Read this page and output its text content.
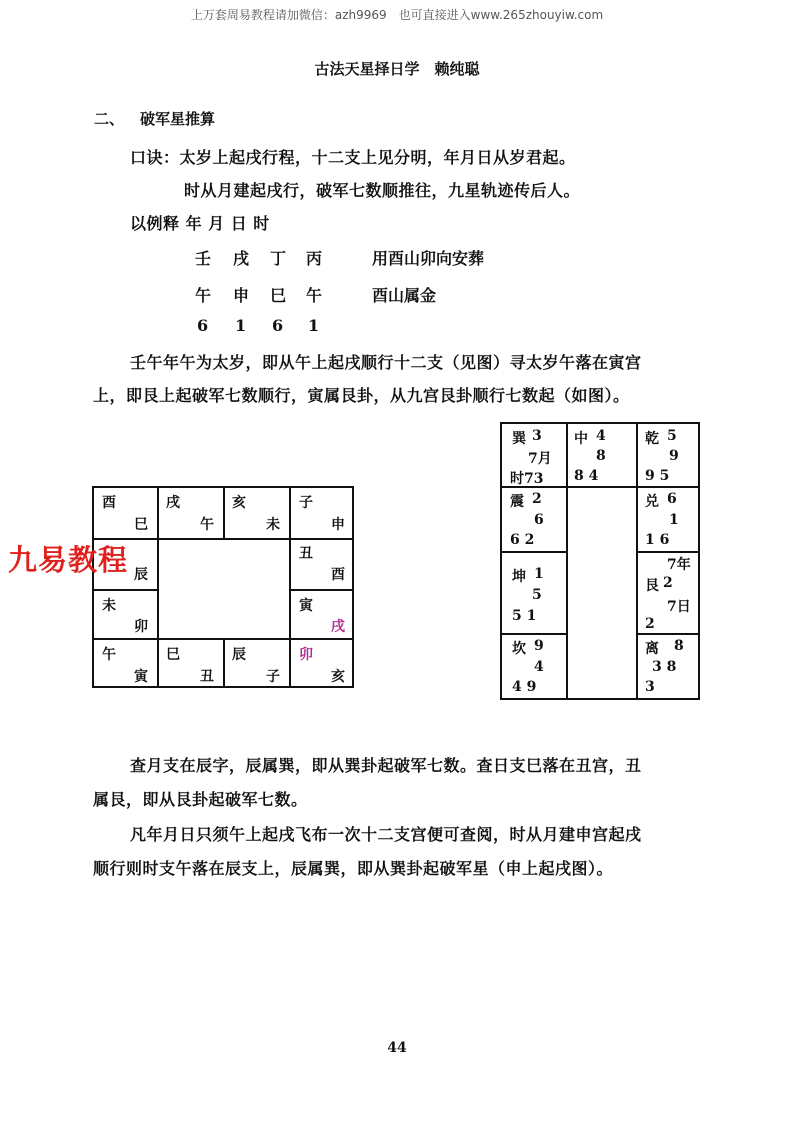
上万套周易教程请加微信：azh9969　也可直接进入www.265zhouyiw.com
古法天星择日学　赖纯聪
二、 破军星推算
口诀：太岁上起戌行程，十二支上见分明，年月日从岁君起。
时从月建起戌行，破军七数顺推往，九星轨迹传后人。
以例释 年 月 日 时
壬 戌 丁 丙	用酉山卯向安葬
午 申 巳 午	酉山属金
6 1 6 1
壬午年午为太岁，即从午上起戌顺行十二支（见图）寻太岁午落在寅宫
上，即艮上起破军七数顺行，寅属艮卦，从九宫艮卦顺行七数起（如图）。
酉
巳
戌
午
亥
未
子
申
辰
未
卯
丑
酉
寅
戌
午
寅
巳
丑
辰
子
卯
亥
九易教程
巽 3
7月
时73
中 4
8
8 4
乾 5
9
9 5
震 2
6
6 2
兑 6
1
1 6
坤 1
5
5 1
7年
艮 2
7日
2
坎 9
4
4 9
离 8
3 8
3
查月支在辰字，辰属巽，即从巽卦起破军七数。查日支巳落在丑宫，丑
属艮，即从艮卦起破军七数。
凡年月日只须午上起戌飞布一次十二支宫便可查阅，时从月建申宫起戌
顺行则时支午落在辰支上，辰属巽，即从巽卦起破军星（申上起戌图）。
44
